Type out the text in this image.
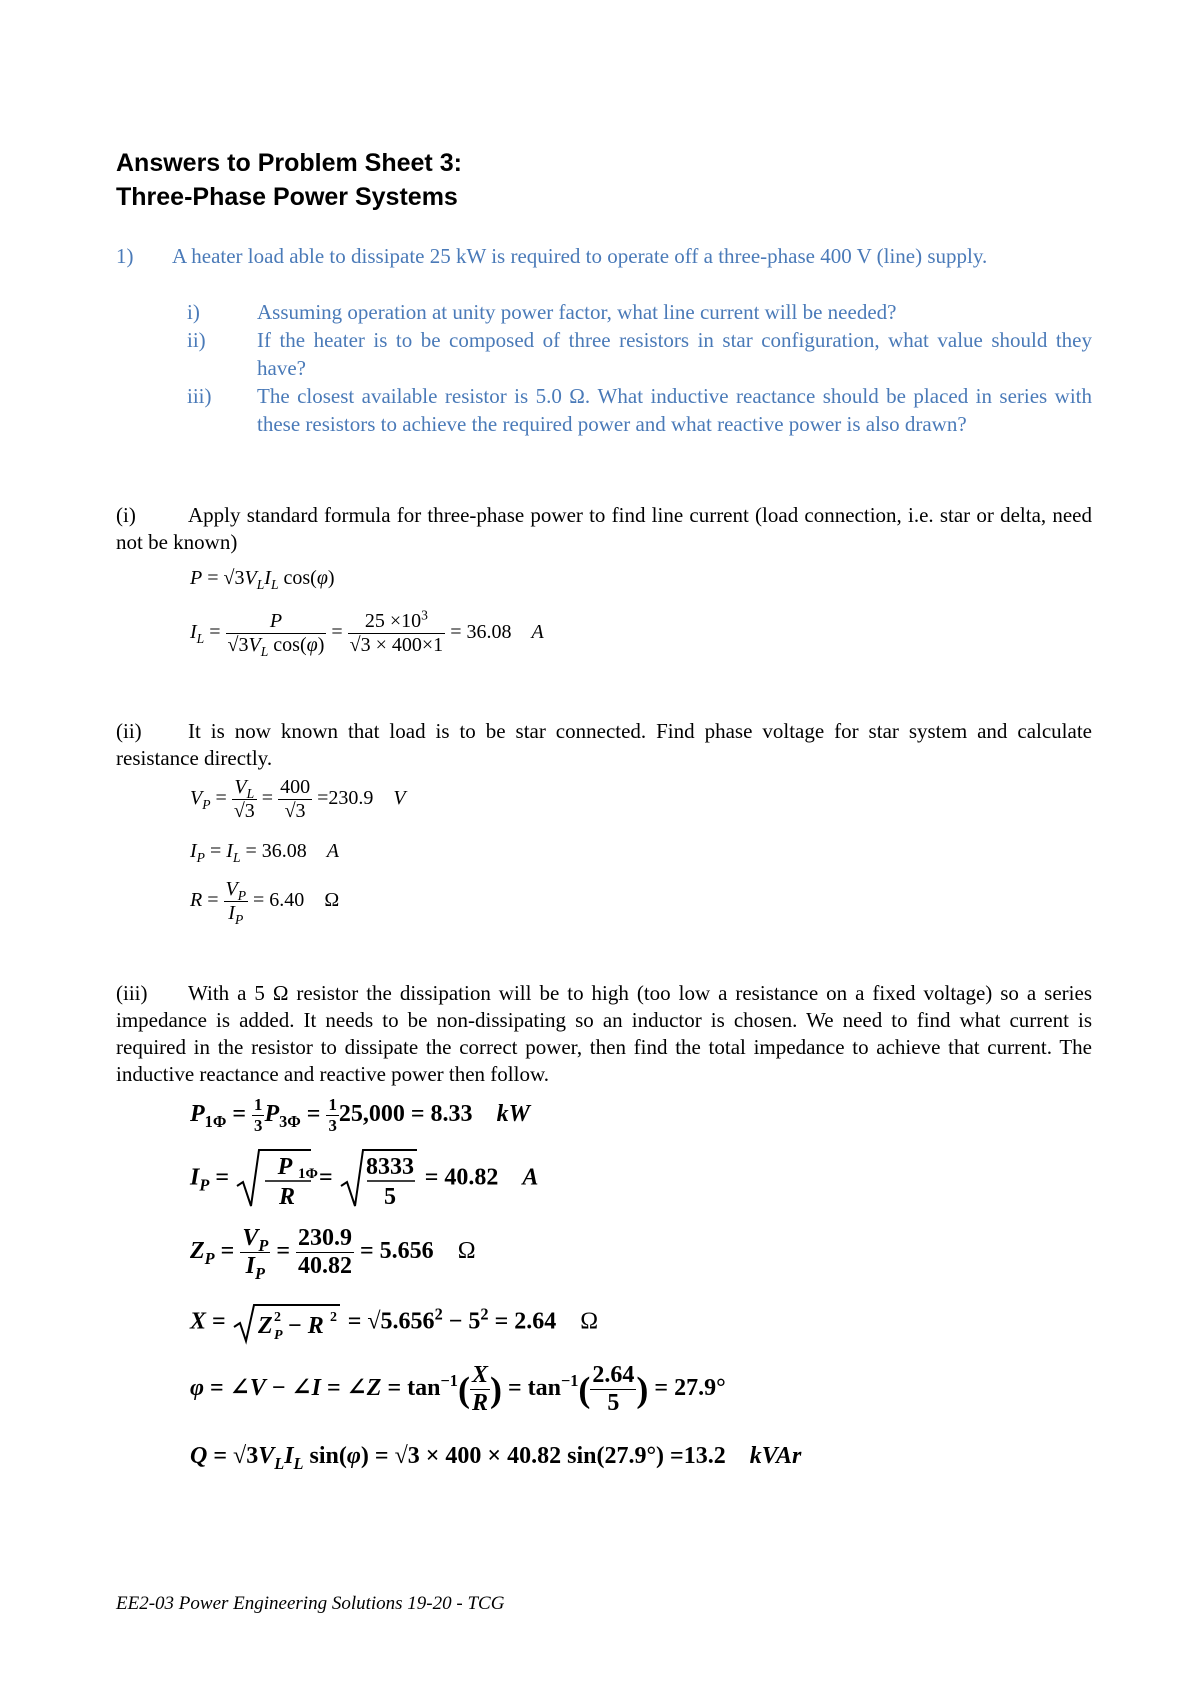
Answers to Problem Sheet 3:
Three-Phase Power Systems
1) A heater load able to dissipate 25 kW is required to operate off a three-phase 400 V (line) supply.
i)	Assuming operation at unity power factor, what line current will be needed?
ii) If the heater is to be composed of three resistors in star configuration, what value should they have?
iii) The closest available resistor is 5.0 Ω. What inductive reactance should be placed in series with these resistors to achieve the required power and what reactive power is also drawn?
(i)	Apply standard formula for three-phase power to find line current (load connection, i.e. star or delta, need not be known)
$P = √3V_LI_L$ cos(φ)
$I_L = \frac{P}{√3V_L \cos(\varphi)} = \frac{25 \times 10^3}{√3 \times 400\times 1} = 36.08$ A
(ii)	It is now known that load is to be star connected. Find phase voltage for star system and calculate resistance directly.
$V_P = \frac{V_L}{√3} = \frac{400}{√3} =230.9$ V
$I_P = I_L = 36.08$ A
$R = \frac{V_P}{I_P} = 6.40$ Ω
(iii)	With a 5 Ω resistor the dissipation will be to high (too low a resistance on a fixed voltage) so a series impedance is added. It needs to be non-dissipating so an inductor is chosen. We need to find what current is required in the resistor to dissipate the correct power, then find the total impedance to achieve that current. The inductive reactance and reactive power then follow.
$P_{1\Phi} = \frac{1}{3} P_{3\Phi} = \frac{1}{3} 25,000 = 8.33$ kW
$I_P = P$ 1Φ
R
= 8333
5
= 40.82 A
$Z_P = \frac{V_P}{I_P} = \frac{230.9}{40.82} = 5.656$ Ω
X = Z 2
P − R $2 = √5.656^2 - 5^2 = 2.64$ Ω
φ = ∠V − ∠I = ∠Z = $\tan^{-1}( \frac{X}{R}$ ) = $\tan^{-1}( \frac{2.64}{5}$ ) = 27.9°
$Q = √3V_LI_L$ sin(φ) = √3 × 400 × 40.82 sin(27.9°) =13.2 kVAr
EE2-03 Power Engineering Solutions 19-20 - TCG
